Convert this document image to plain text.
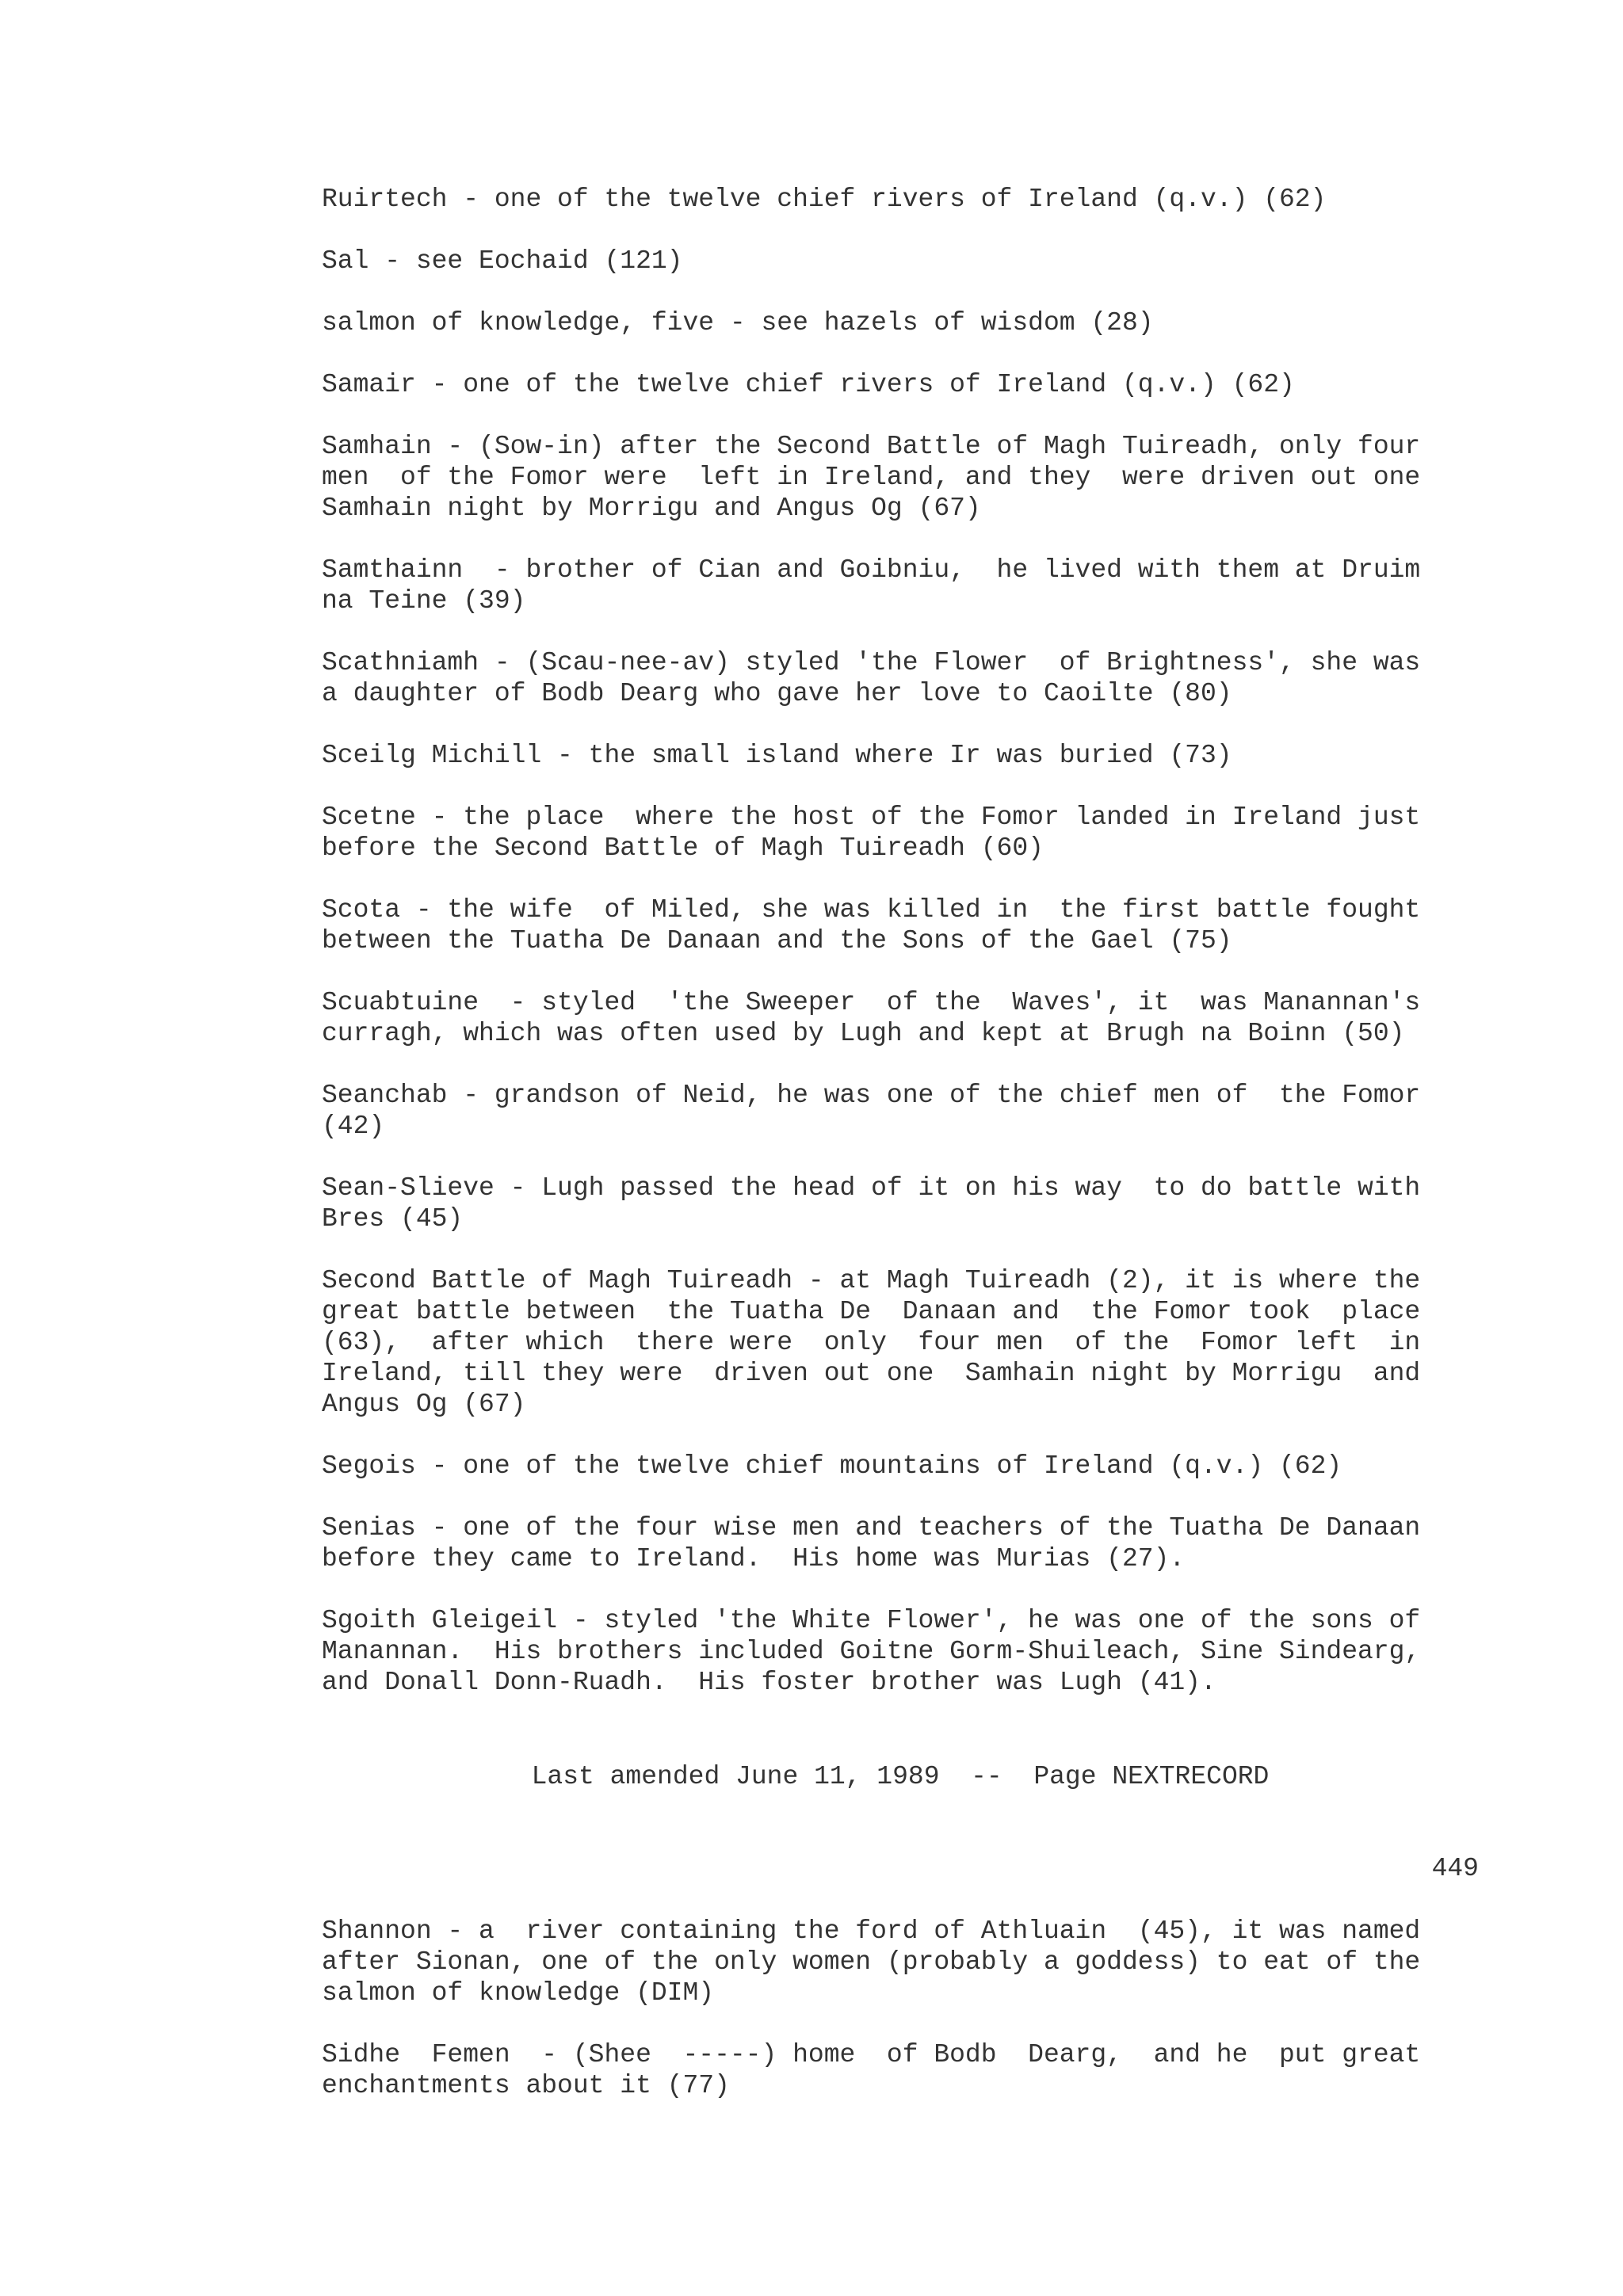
Ruirtech - one of the twelve chief rivers of Ireland (q.v.) (62)
Sal - see Eochaid (121)
salmon of knowledge, five - see hazels of wisdom (28)
Samair - one of the twelve chief rivers of Ireland (q.v.) (62)
Samhain - (Sow-in) after the Second Battle of Magh Tuireadh, only four
men  of the Fomor were  left in Ireland, and they  were driven out one
Samhain night by Morrigu and Angus Og (67)
Samthainn  - brother of Cian and Goibniu,  he lived with them at Druim
na Teine (39)
Scathniamh - (Scau-nee-av) styled 'the Flower  of Brightness', she was
a daughter of Bodb Dearg who gave her love to Caoilte (80)
Sceilg Michill - the small island where Ir was buried (73)
Scetne - the place  where the host of the Fomor landed in Ireland just
before the Second Battle of Magh Tuireadh (60)
Scota - the wife  of Miled, she was killed in  the first battle fought
between the Tuatha De Danaan and the Sons of the Gael (75)
Scuabtuine  - styled  'the Sweeper  of the  Waves', it  was Manannan's
curragh, which was often used by Lugh and kept at Brugh na Boinn (50)
Seanchab - grandson of Neid, he was one of the chief men of  the Fomor
(42)
Sean-Slieve - Lugh passed the head of it on his way  to do battle with
Bres (45)
Second Battle of Magh Tuireadh - at Magh Tuireadh (2), it is where the
great battle between  the Tuatha De  Danaan and  the Fomor took  place
(63),  after which  there were  only  four men  of the  Fomor left  in
Ireland, till they were  driven out one  Samhain night by Morrigu  and
Angus Og (67)
Segois - one of the twelve chief mountains of Ireland (q.v.) (62)
Senias - one of the four wise men and teachers of the Tuatha De Danaan
before they came to Ireland.  His home was Murias (27).
Sgoith Gleigeil - styled 'the White Flower', he was one of the sons of
Manannan.  His brothers included Goitne Gorm-Shuileach, Sine Sindearg,
and Donall Donn-Ruadh.  His foster brother was Lugh (41).
Last amended June 11, 1989  --  Page NEXTRECORD
449
Shannon - a  river containing the ford of Athluain  (45), it was named
after Sionan, one of the only women (probably a goddess) to eat of the
salmon of knowledge (DIM)
Sidhe  Femen  - (Shee  -----) home  of Bodb  Dearg,  and he  put great
enchantments about it (77)
